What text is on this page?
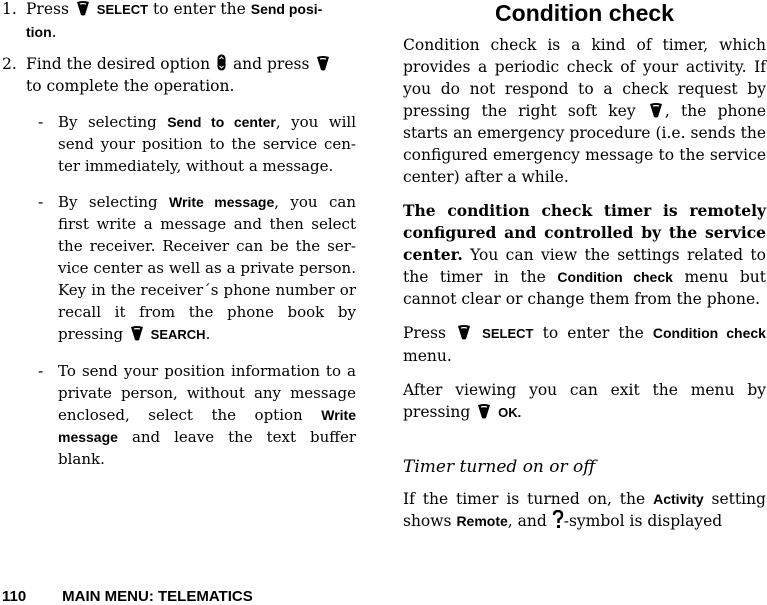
1. Press SELECT to enter the Send posi-
tion.
2. Find the desired option and press
to complete the operation.
- By selecting Send to center, you will send your position to the service cen-ter immediately, without a message.
- By selecting Write message, you can first write a message and then select the receiver. Receiver can be the ser-vice center as well as a private person. Key in the receiver´s phone number or recall it from the phone book by pressing SEARCH.
- To send your position information to a private person, without any message enclosed, select the option Write message and leave the text buffer blank.
Condition check

Condition check is a kind of timer, which provides a periodic check of your activity. If you do not respond to a check request by pressing the right soft key , the phone starts an emergency procedure (i.e. sends the configured emergency message to the service center) after a while.

The condition check timer is remotely configured and controlled by the service center. You can view the settings related to the timer in the Condition check menu but cannot clear or change them from the phone.

Press	SELECT to enter the Condition check menu.

After viewing you can exit the menu by pressing OK.

Timer turned on or off

If the timer is turned on, the Activity setting shows Remote, and -symbol is displayed

110 MAIN MENU: TELEMATICS
